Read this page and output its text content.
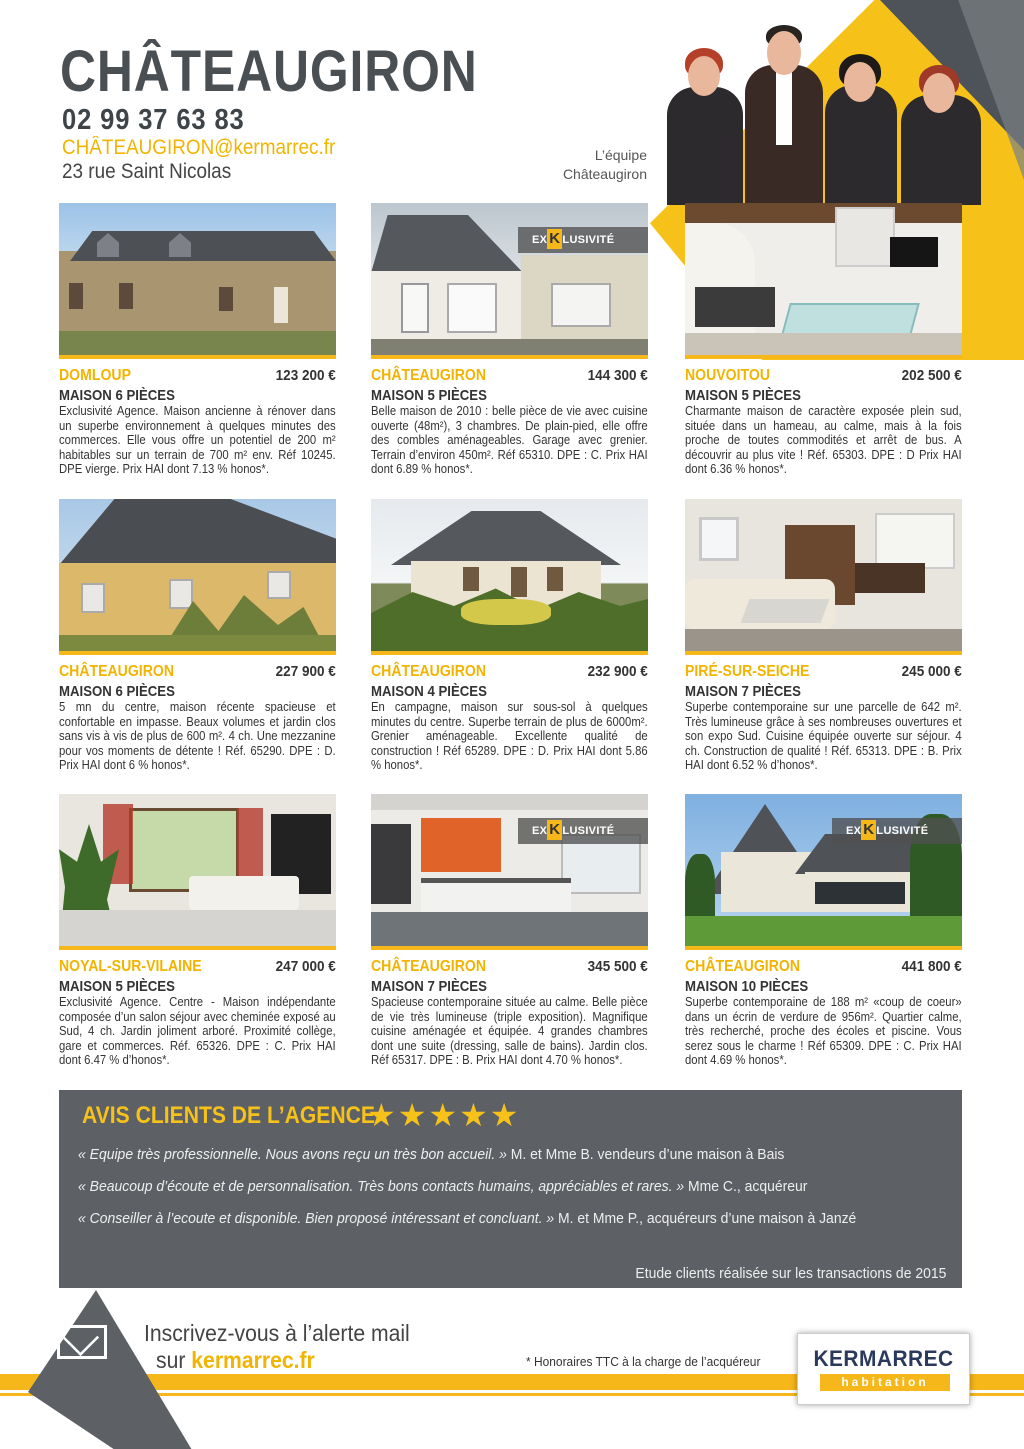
CHÂTEAUGIRON
02 99 37 63 83
CHÂTEAUGIRON@kermarrec.fr
23 rue Saint Nicolas
L’équipe
Châteaugiron
DOMLOUP	123 200 €
MAISON 6 PIÈCES
Exclusivité Agence. Maison ancienne à rénover dans un superbe environnement à quelques minutes des commerces. Elle vous offre un potentiel de 200 m² habitables sur un terrain de 700 m² env. Réf 10245. DPE vierge. Prix HAI dont 7.13 % honos*.
EX K LUSIVITÉ
CHÂTEAUGIRON	144 300 €
MAISON 5 PIÈCES
Belle maison de 2010 : belle pièce de vie avec cuisine ouverte (48m²), 3 chambres. De plain-pied, elle offre des combles aménageables. Garage avec grenier. Terrain d’environ 450m². Réf 65310. DPE : C. Prix HAI dont 6.89 % honos*.
NOUVOITOU	202 500 €
MAISON 5 PIÈCES
Charmante maison de caractère exposée plein sud, située dans un hameau, au calme, mais à la fois proche de toutes commodités et arrêt de bus. A découvrir au plus vite ! Réf. 65303. DPE : D Prix HAI dont 6.36 % honos*.
CHÂTEAUGIRON	227 900 €
MAISON 6 PIÈCES
5 mn du centre, maison récente spacieuse et confortable en impasse. Beaux volumes et jardin clos sans vis à vis de plus de 600 m². 4 ch. Une mezzanine pour vos moments de détente ! Réf. 65290. DPE : D. Prix HAI dont 6 % honos*.
CHÂTEAUGIRON	232 900 €
MAISON 4 PIÈCES
En campagne, maison sur sous-sol à quelques minutes du centre. Superbe terrain de plus de 6000m². Grenier aménageable. Excellente qualité de construction ! Réf 65289. DPE : D. Prix HAI dont 5.86 % honos*.
PIRÉ-SUR-SEICHE	245 000 €
MAISON 7 PIÈCES
Superbe contemporaine sur une parcelle de 642 m². Très lumineuse grâce à ses nombreuses ouvertures et son expo Sud. Cuisine équipée ouverte sur séjour. 4 ch. Construction de qualité ! Réf. 65313. DPE : B. Prix HAI dont 6.52 % d’honos*.
NOYAL-SUR-VILAINE	247 000 €
MAISON 5 PIÈCES
Exclusivité Agence. Centre - Maison indépendante composée d’un salon séjour avec cheminée exposé au Sud, 4 ch. Jardin joliment arboré. Proximité collège, gare et commerces. Réf. 65326. DPE : C. Prix HAI dont 6.47 % d’honos*.
EX K LUSIVITÉ
CHÂTEAUGIRON	345 500 €
MAISON 7 PIÈCES
Spacieuse contemporaine située au calme. Belle pièce de vie très lumineuse (triple exposition). Magnifique cuisine aménagée et équipée. 4 grandes chambres dont une suite (dressing, salle de bains). Jardin clos. Réf 65317. DPE : B. Prix HAI dont 4.70 % honos*.
EX K LUSIVITÉ
CHÂTEAUGIRON	441 800 €
MAISON 10 PIÈCES
Superbe contemporaine de 188 m² «coup de coeur» dans un écrin de verdure de 956m². Quartier calme, très recherché, proche des écoles et piscine. Vous serez sous le charme ! Réf 65309. DPE : C. Prix HAI dont 4.69 % honos*.
AVIS CLIENTS DE L’AGENCE
★★★★★
« Equipe très professionnelle. Nous avons reçu un très bon accueil. » M. et Mme B. vendeurs d’une maison à Bais
« Beaucoup d’écoute et de personnalisation. Très bons contacts humains, appréciables et rares. » Mme C., acquéreur
« Conseiller à l’ecoute et disponible. Bien proposé intéressant et concluant. » M. et Mme P., acquéreurs d’une maison à Janzé
Etude clients réalisée sur les transactions de 2015
Inscrivez-vous à l’alerte mail
sur kermarrec.fr	* Honoraires TTC à la charge de l’acquéreur	KERMARREC
habitation
